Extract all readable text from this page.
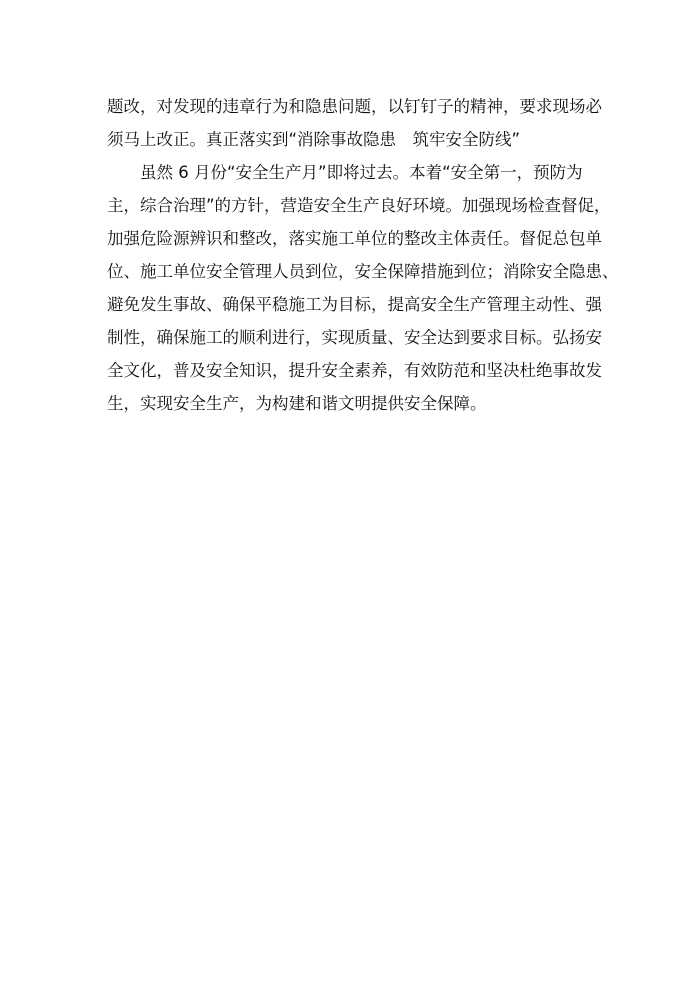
题改，对发现的违章行为和隐患问题，以钉钉子的精神，要求现场必
须马上改正。真正落实到“消除事故隐患　筑牢安全防线”
虽然 6 月份“安全生产月”即将过去。本着“安全第一，预防为
主，综合治理”的方针，营造安全生产良好环境。加强现场检查督促，
加强危险源辨识和整改，落实施工单位的整改主体责任。督促总包单
位、施工单位安全管理人员到位，安全保障措施到位；消除安全隐患、
避免发生事故、确保平稳施工为目标，提高安全生产管理主动性、强
制性，确保施工的顺利进行，实现质量、安全达到要求目标。弘扬安
全文化，普及安全知识，提升安全素养，有效防范和坚决杜绝事故发
生，实现安全生产，为构建和谐文明提供安全保障。
